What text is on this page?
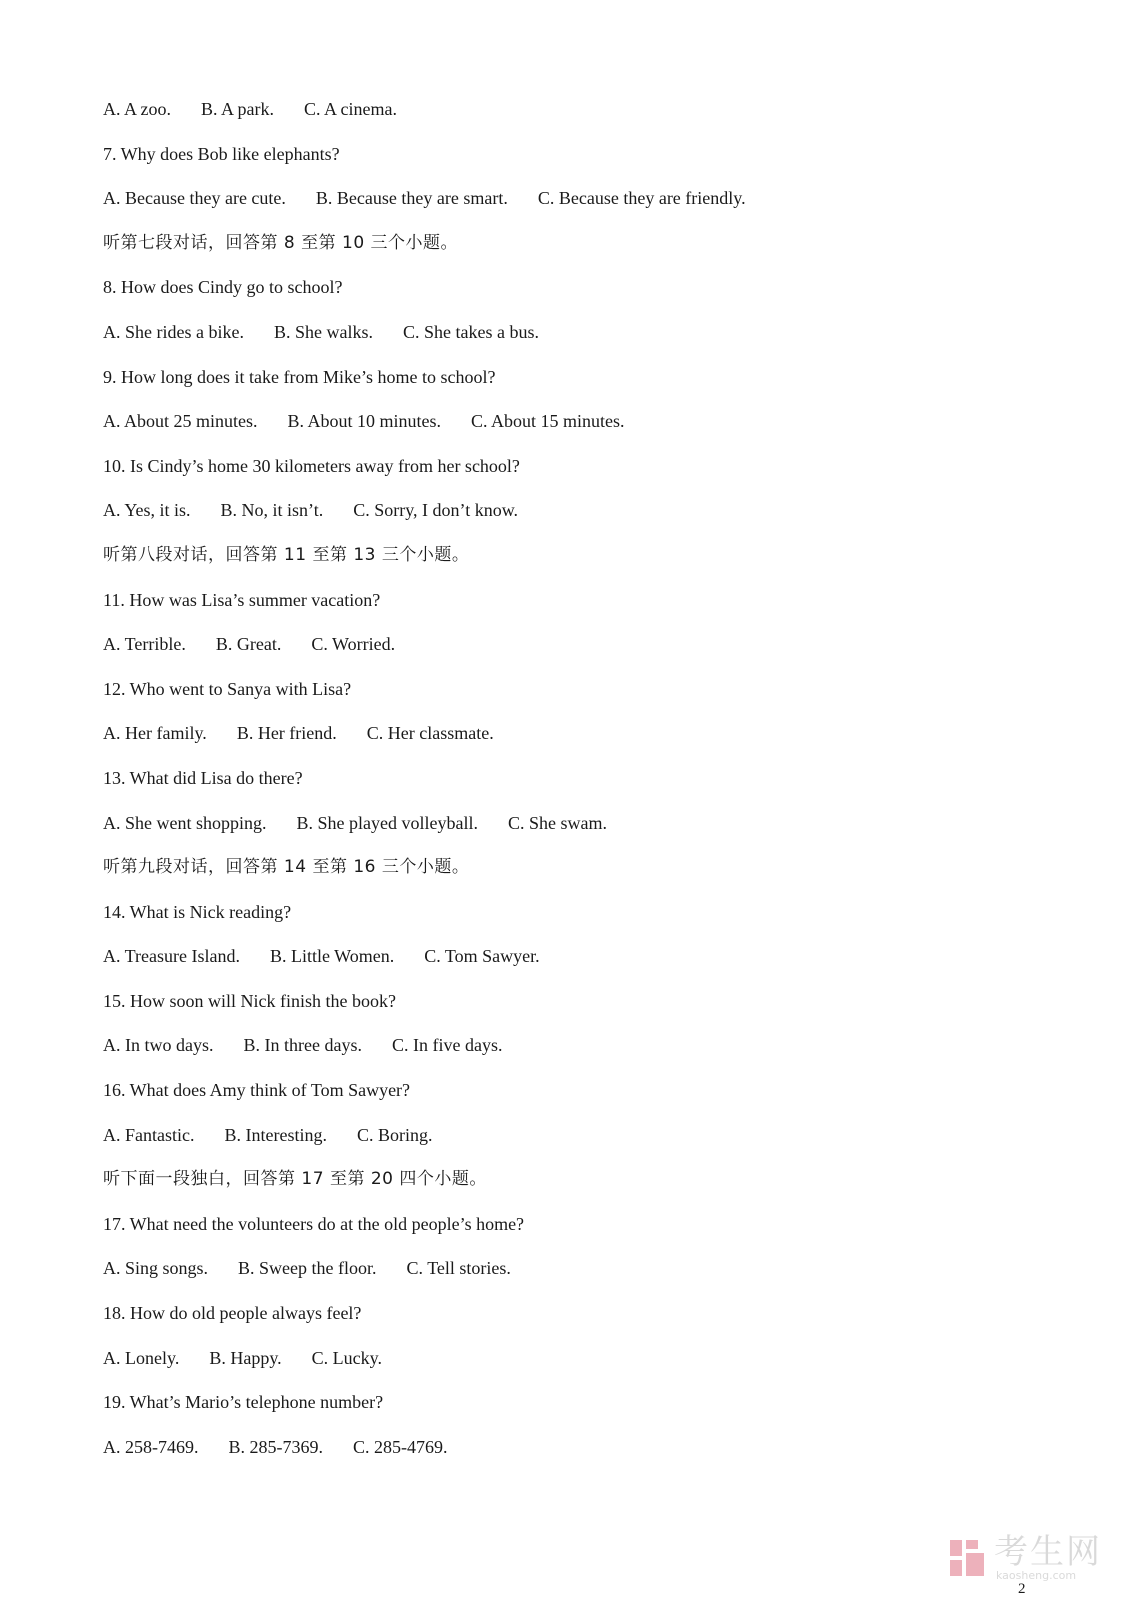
A. A zoo. B. A park. C. A cinema.
7. Why does Bob like elephants?
A. Because they are cute. B. Because they are smart. C. Because they are friendly.
听第七段对话，回答第 8 至第 10 三个小题。
8. How does Cindy go to school?
A. She rides a bike. B. She walks. C. She takes a bus.
9. How long does it take from Mike’s home to school?
A. About 25 minutes. B. About 10 minutes. C. About 15 minutes.
10. Is Cindy’s home 30 kilometers away from her school?
A. Yes, it is. B. No, it isn’t. C. Sorry, I don’t know.
听第八段对话，回答第 11 至第 13 三个小题。
11. How was Lisa’s summer vacation?
A. Terrible. B. Great. C. Worried.
12. Who went to Sanya with Lisa?
A. Her family. B. Her friend. C. Her classmate.
13. What did Lisa do there?
A. She went shopping. B. She played volleyball. C. She swam.
听第九段对话，回答第 14 至第 16 三个小题。
14. What is Nick reading?
A. Treasure Island. B. Little Women. C. Tom Sawyer.
15. How soon will Nick finish the book?
A. In two days. B. In three days. C. In five days.
16. What does Amy think of Tom Sawyer?
A. Fantastic. B. Interesting. C. Boring.
听下面一段独白，回答第 17 至第 20 四个小题。
17. What need the volunteers do at the old people’s home?
A. Sing songs. B. Sweep the floor. C. Tell stories.
18. How do old people always feel?
A. Lonely. B. Happy. C. Lucky.
19. What’s Mario’s telephone number?
A. 258-7469. B. 285-7369. C. 285-4769.
考生网
kaosheng.com
2
